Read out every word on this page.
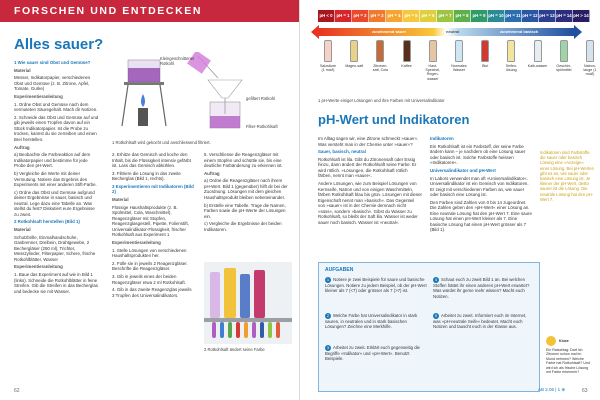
FORSCHEN UND ENTDECKEN
Alles sauer?

1 Wie sauer sind Obst und Gemüse?

Material

Messer, Indikatorpapier, verschiedenes Obst und Gemüse (z. B. Zitrone, Apfel, Tomate, Gurke)

Experimentieranleitung

1. Ordne Obst und Gemüse nach dem vermuteten Säuregehalt. Mach dir Notizen.

2. Schneide das Obst und Gemüse auf und gib jeweils einen Tropfen davon auf ein Stück Indikatorpapier. Ist die Probe zu trocken, kannst du sie zerreiben und einen Brei herstellen.

Auftrag

a) Beobachte die Farbreaktion auf dem Indikatorpapier und bestimme für jede Probe den pH-Wert.

b) Vergleiche die Werte mit deiner Vermutung. Notiere das Ergebnis des Experiments mit einer anderen Stift-Farbe.

c) Ordne das Obst und Gemüse aufgrund deiner Ergebnisse in sauer, basisch und neutral. Lege dazu eine Tabelle an. Was stellst du fest? Diskutiert eure Ergebnisse zu zweit.

2 Rotkohlsaft herstellen (Bild 1)

Material

Schutzbrille, Einmalhandschuhe, Gasbrenner, Dreibein, Drahtgewebe, 2 Bechergläser (250 ml), Trichter, Messzylinder, Filterpapier, Schere, frische Rotkohlblätter, Wasser

Experimentieranleitung

1. Baue das Experiment auf wie in Bild 1 (links). Schneide die Rotkohlblätter in feine Streifen. Gib die Streifen in das Becherglas und bedecke sie mit Wasser.

Kleingeschnittener Rotkohl
gefiltert Rotkohl
Filter-Rotkohlsaft
1 Rotkohlsaft wird gekocht und anschliessend filtriert.

2. Erhitze das Gemisch und koche den Inhalt, bis die Flüssigkeit intensiv gefärbt ist. Lass das Gemisch abkühlen.

3. Filtriere die Lösung in das zweite Becherglas (Bild 1, rechts).

3 Experimentieren mit Indikatoren (Bild 2)

Material

Flüssige Haushaltsprodukte (z. B. Spülmittel, Cola, Waschmittel), Reagenzgläser mit Stopfen, Reagenzglasgestell, Pipette, Folienstift, Universalindikator-Flüssigkeit, frischer Rotkohlsaft aus Experiment 1

Experimentieranleitung

1. Stelle Lösungen von verschiedenen Haushaltsprodukten her.

2. Fülle sie in jeweils 2 Reagenzgläser. Beschrifte die Reagenzgläser.

3. Gib in jeweils eines der beiden Reagenzgläser etwa 2 ml Rotkohlsaft.

4. Gib in das zweite Reagenzglas jeweils 3 Tropfen des Universalindikators.

5. Verschliesse die Reagenzgläser mit einem Stopfen und schüttle sie, bis eine deutliche Farbänderung zu erkennen ist.

Auftrag

a) Ordne die Reagenzgläser nach ihrem pH-Wert. Bild 1 (gegenüber) hilft dir bei der Zuordnung. Lösungen mit dem gleichen Haushaltsprodukt bleiben nebeneinander.

b) Erstelle eine Tabelle. Trage die Namen, Farben sowie die pH-Werte der Lösungen ein.

c) Vergleiche die Ergebnisse der beiden Indikatoren.

2 Rotkohlsaft ändert seine Farbe
62
pH < 0 pH = 1 pH = 2 pH = 3 pH = 4 pH = 5 pH = 6 pH = 7 pH = 8 pH = 9 pH = 10 pH = 11 pH = 12 pH = 13 pH = 14 pH > 14
zunehmend sauer	neutral	zunehmend basisch
Salzsäure (1 mol/l)
Magen-saft	Zitronen-saft, Cola
Kaffee	Haut, Speichel, Regen-wasser
Normales Wasser
Blut	Seifen-lösung
Kalk-wasser	Geschirr-spülmittel
Natron-lauge (1 mol/l)
1 pH-Werte einiger Lösungen und ihre Farben mit Universalindikator
pH-Wert und Indikatoren

Im Alltag sagen wir, eine Zitrone schmeckt »sauer«. Was versteht man in der Chemie unter »sauer«?

Sauer, basisch, neutral

Rotkohlsaft ist lila. Gibt du Zitronensaft oder Essig hinzu, dann ändert der Rotkohlsaft seine Farbe: Er wird rötlich. »Lösungen, die Rotkohlsaft rötlich färben, nennt man »sauer«.

Andere Lösungen, wie zum Beispiel Lösungen von Kernseife, Natron und von einigen Waschmitteln, färben Rotkohlsaft blau bis grün. Lösungen mit dieser Eigenschaft nennt man »basisch«. Das Gegenteil von »sauer« ist in der Chemie demnach nicht »süss«, sondern »basisch«. Gibst du Wasser zu Rotkohlsaft, so bleibt der Saft lila. Wasser ist weder sauer noch basisch. Wasser ist »neutral«.

Indikatoren

Ein Rotkohlsaft ist ein Farbstoff, der seine Farbe ändern kann – je nachdem ob eine Lösung sauer oder basisch ist. Solche Farbstoffe heissen »Indikatoren«.

Universalindikator und pH-Wert

In Labors verwendet man oft »Universalindikator«. Universalindikator ist ein Gemisch von Indikatoren. Er zeigt mit verschiedenen Farben an, wie sauer oder basisch eine Lösung ist.

Den Farben sind Zahlen von 0 bis 14 zugeordnet. Die Zahlen geben den »pH-Wert« einer Lösung an. Eine neutrale Lösung hat den pH-Wert 7. Eine saure Lösung hat einen pH-Wert kleiner als 7. Eine basische Lösung hat einen pH-Wert grösser als 7 (Bild 1).

Indikatoren sind Farbstoffe, die sauer oder basisch Lösung eine »Anzeige« einer Lösung. Bei pH-Werten gibt es an, wie sauer oder basisch eine Lösung ist. Je kleiner der pH-Wert, desto saurer ist die Lösung. Die neutrale Lösung hat den pH-Wert 7.
AUFGABEN
1 Notiere je zwei Beispiele für saure und basische Lösungen. Notiere zu jedem Beispiel, ob der pH-Wert kleiner als 7 (<7) oder grösser als 7 (>7) ist.
2 Welche Farbe hat Universalindikator in stark sauren, in neutralen und in stark basischen Lösungen? Zeichne eine Merkhilfe.
3 Arbeitet zu zweit. Erklärt euch gegenseitig die Begriffe »Indikator« und »pH-Wert«. Benutzt Beispiele.
4 Schaut euch zu zweit Bild 1 an. Bei welchen Stoffen hättet ihr einen anderen pH-Wert erwartet? Was würdet ihr gerne mehr wissen? Macht euch Notizen.
5 Arbeitet zu zweit. Informiert euch im Internet, was »pH-neutrale Seife« bedeutet. Macht euch Notizen und tauscht euch in der Klasse aus.
Kluxe
Ein Ratschlag: Darf ich Zitronen schon mal im Mund nehmen? Welche Farbe hat Rotkohlsaft? Und wird ich als frische Lösung mit Farbe erkennen?
AB 2.06 | 1 ⊕	63
